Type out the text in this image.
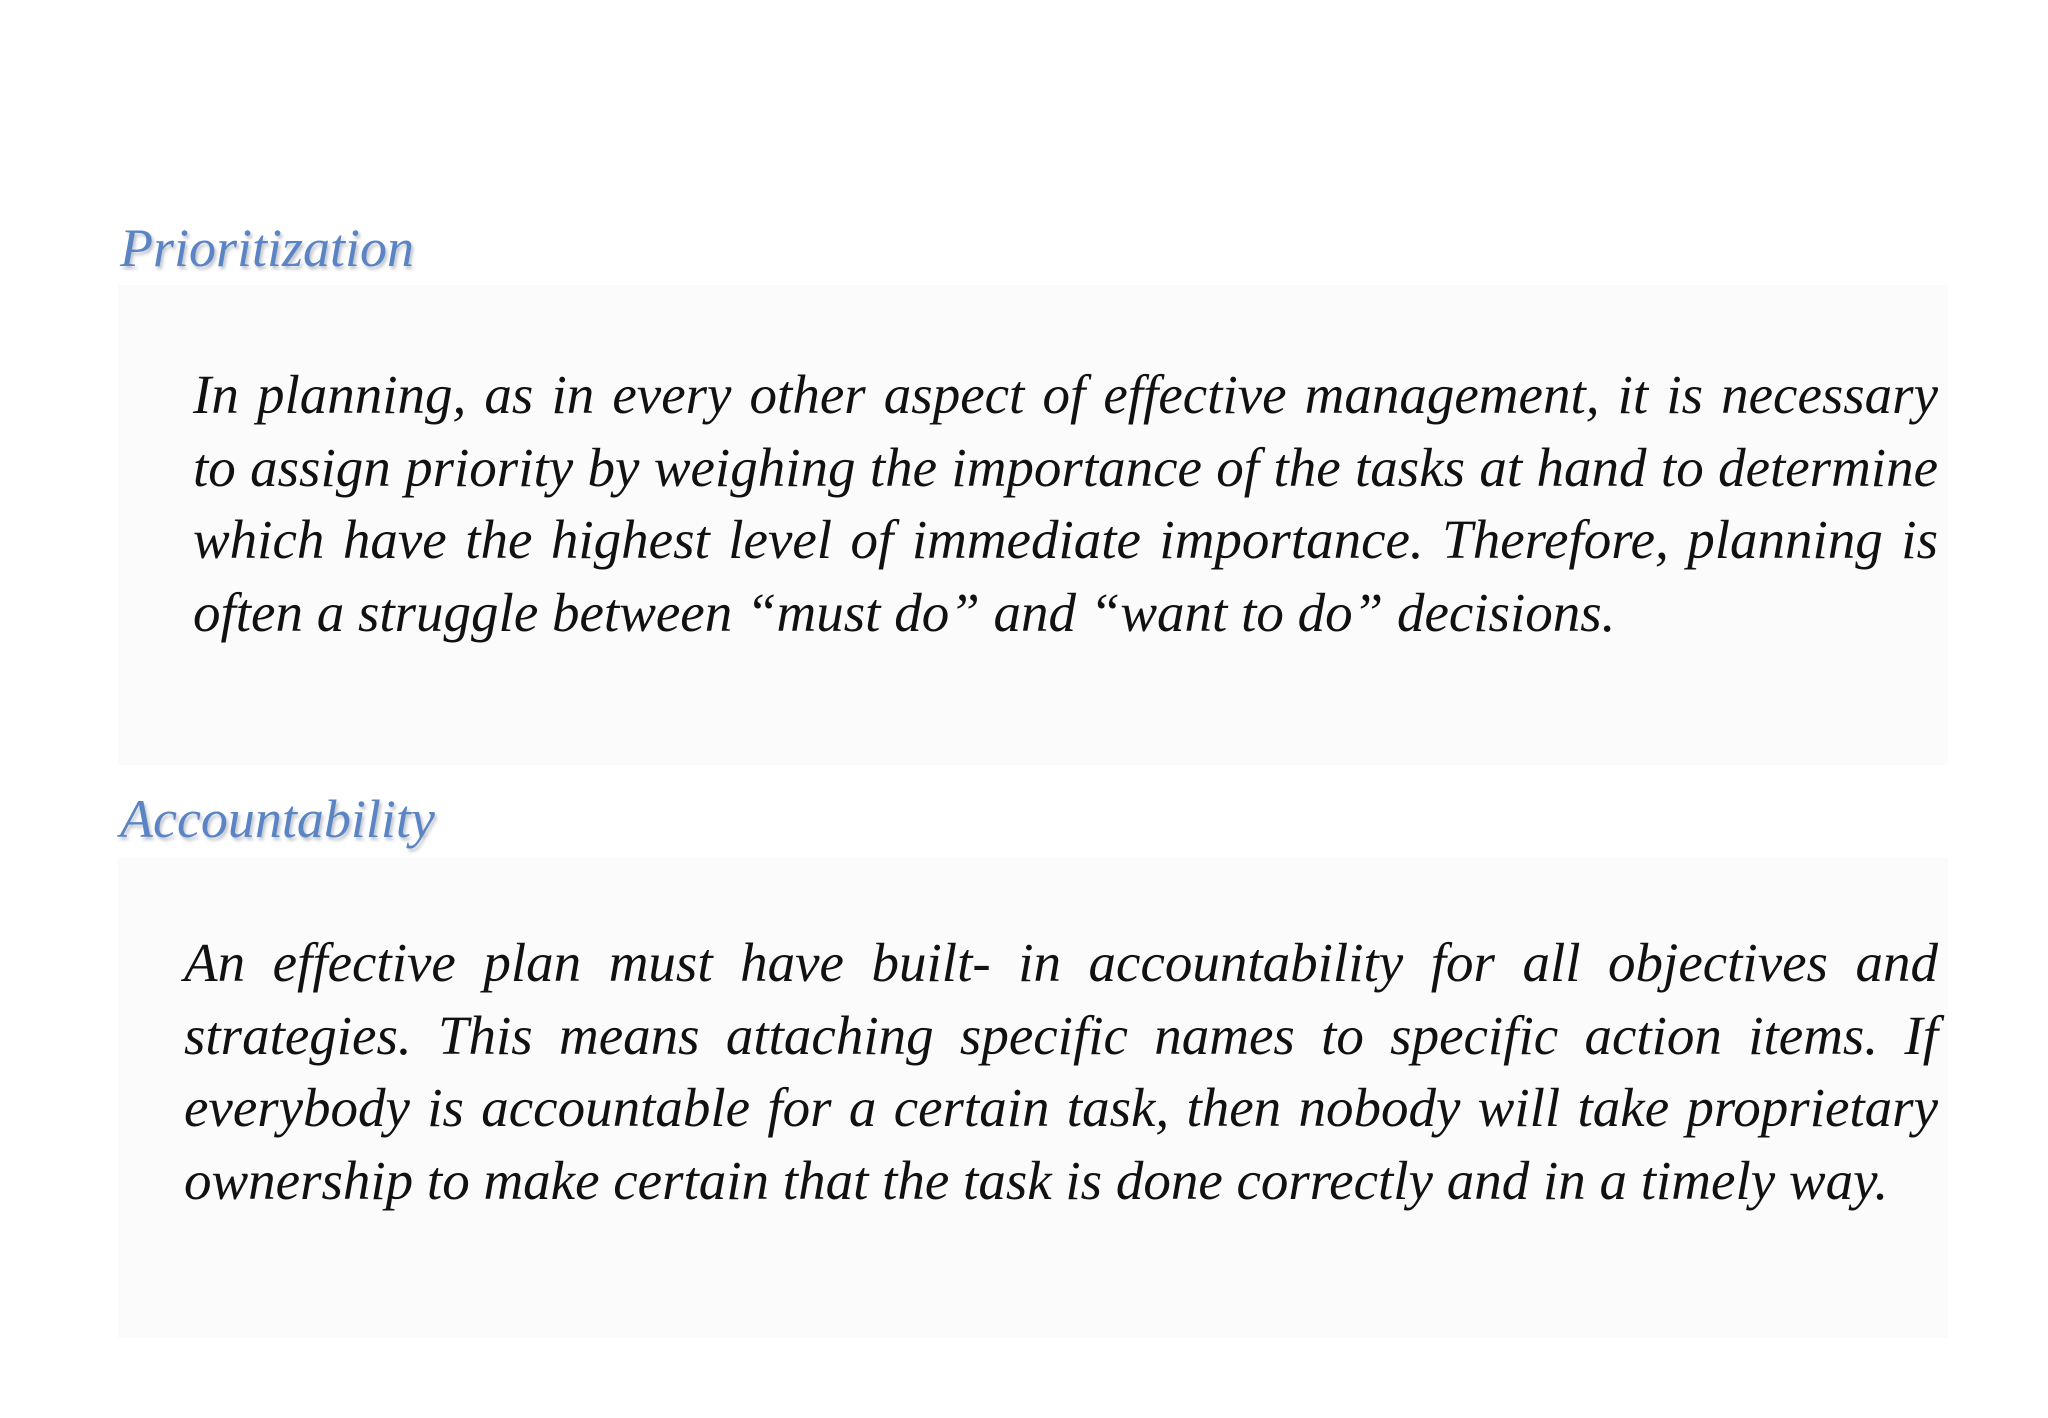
Prioritization

In planning, as in every other aspect of effective management, it is necessary to assign priority by weighing the importance of the tasks at hand to determine which have the highest level of immediate importance. Therefore, planning is often a struggle between “must do” and “want to do” decisions.

Accountability

An effective plan must have built- in accountability for all objectives and strategies. This means attaching specific names to specific action items. If everybody is accountable for a certain task, then nobody will take proprietary ownership to make certain that the task is done correctly and in a timely way.
